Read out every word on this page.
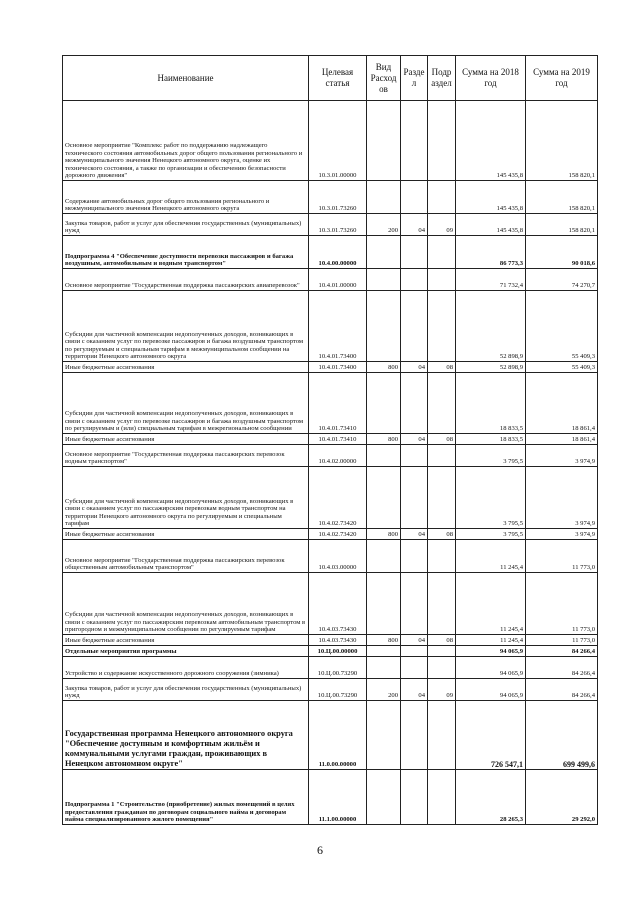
Наименование	Целевая статья	Вид Расход ов	Разде л	Подр аздел	Сумма на 2018 год	Сумма на 2019 год
Основное мероприятие "Комплекс работ по поддержанию надлежащего технического состояния автомобильных дорог общего пользования регионального и межмуниципального значения Ненецкого автономного округа, оценке их технического состояния, а также по организации и обеспечению безопасности дорожного движения"	10.3.01.00000				145 435,8	158 820,1
Содержание автомобильных дорог общего пользования регионального и межмуниципального значения Ненецкого автономного округа	10.3.01.73260				145 435,8	158 820,1
Закупка товаров, работ и услуг для обеспечения государственных (муниципальных) нужд	10.3.01.73260	200	04	09	145 435,8	158 820,1
Подпрограмма 4 "Обеспечение доступности перевозки пассажиров и багажа воздушным, автомобильным и водным транспортом"	10.4.00.00000				86 773,3	90 018,6
Основное мероприятие "Государственная поддержка пассажирских авиаперевозок"	10.4.01.00000				71 732,4	74 270,7
Субсидии для частичной компенсации недополученных доходов, возникающих в связи с оказанием услуг по перевозке пассажиров и багажа воздушным транспортом по регулируемым и специальным тарифам в межмуниципальном сообщении на территории Ненецкого автономного округа	10.4.01.73400				52 898,9	55 409,3
Иные бюджетные ассигнования	10.4.01.73400	800	04	08	52 898,9	55 409,3
Субсидии для частичной компенсации недополученных доходов, возникающих в связи с оказанием услуг по перевозке пассажиров и багажа воздушным транспортом по регулируемым и (или) специальным тарифам в межрегиональном сообщении	10.4.01.73410				18 833,5	18 861,4
Иные бюджетные ассигнования	10.4.01.73410	800	04	08	18 833,5	18 861,4
Основное мероприятие "Государственная поддержка пассажирских перевозок водным транспортом"	10.4.02.00000				3 795,5	3 974,9
Субсидии для частичной компенсации недополученных доходов, возникающих в связи с оказанием услуг по пассажирским перевозкам водным транспортом на территории Ненецкого автономного округа по регулируемым и специальным тарифам	10.4.02.73420				3 795,5	3 974,9
Иные бюджетные ассигнования	10.4.02.73420	800	04	08	3 795,5	3 974,9
Основное мероприятие "Государственная поддержка пассажирских перевозок общественным автомобильным транспортом"	10.4.03.00000				11 245,4	11 773,0
Субсидии для частичной компенсации недополученных доходов, возникающих в связи с оказанием услуг по пассажирским перевозкам автомобильным транспортом в пригородном и межмуниципальном сообщении по регулируемым тарифам	10.4.03.73430				11 245,4	11 773,0
Иные бюджетные ассигнования	10.4.03.73430	800	04	08	11 245,4	11 773,0
Отдельные мероприятия программы	10.Ц.00.00000				94 065,9	84 266,4
Устройство и содержание искусственного дорожного сооружения (зимника)	10.Ц.00.73290				94 065,9	84 266,4
Закупка товаров, работ и услуг для обеспечения государственных (муниципальных) нужд	10.Ц.00.73290	200	04	09	94 065,9	84 266,4
Государственная программа Ненецкого автономного округа "Обеспечение доступным и комфортным жильём и коммунальными услугами граждан, проживающих в Ненецком автономном округе"	11.0.00.00000				726 547,1	699 499,6
Подпрограмма 1 "Строительство (приобретение) жилых помещений в целях предоставления гражданам по договорам социального найма и договорам найма специализированного жилого помещения"	11.1.00.00000				28 265,3	29 292,0
6
